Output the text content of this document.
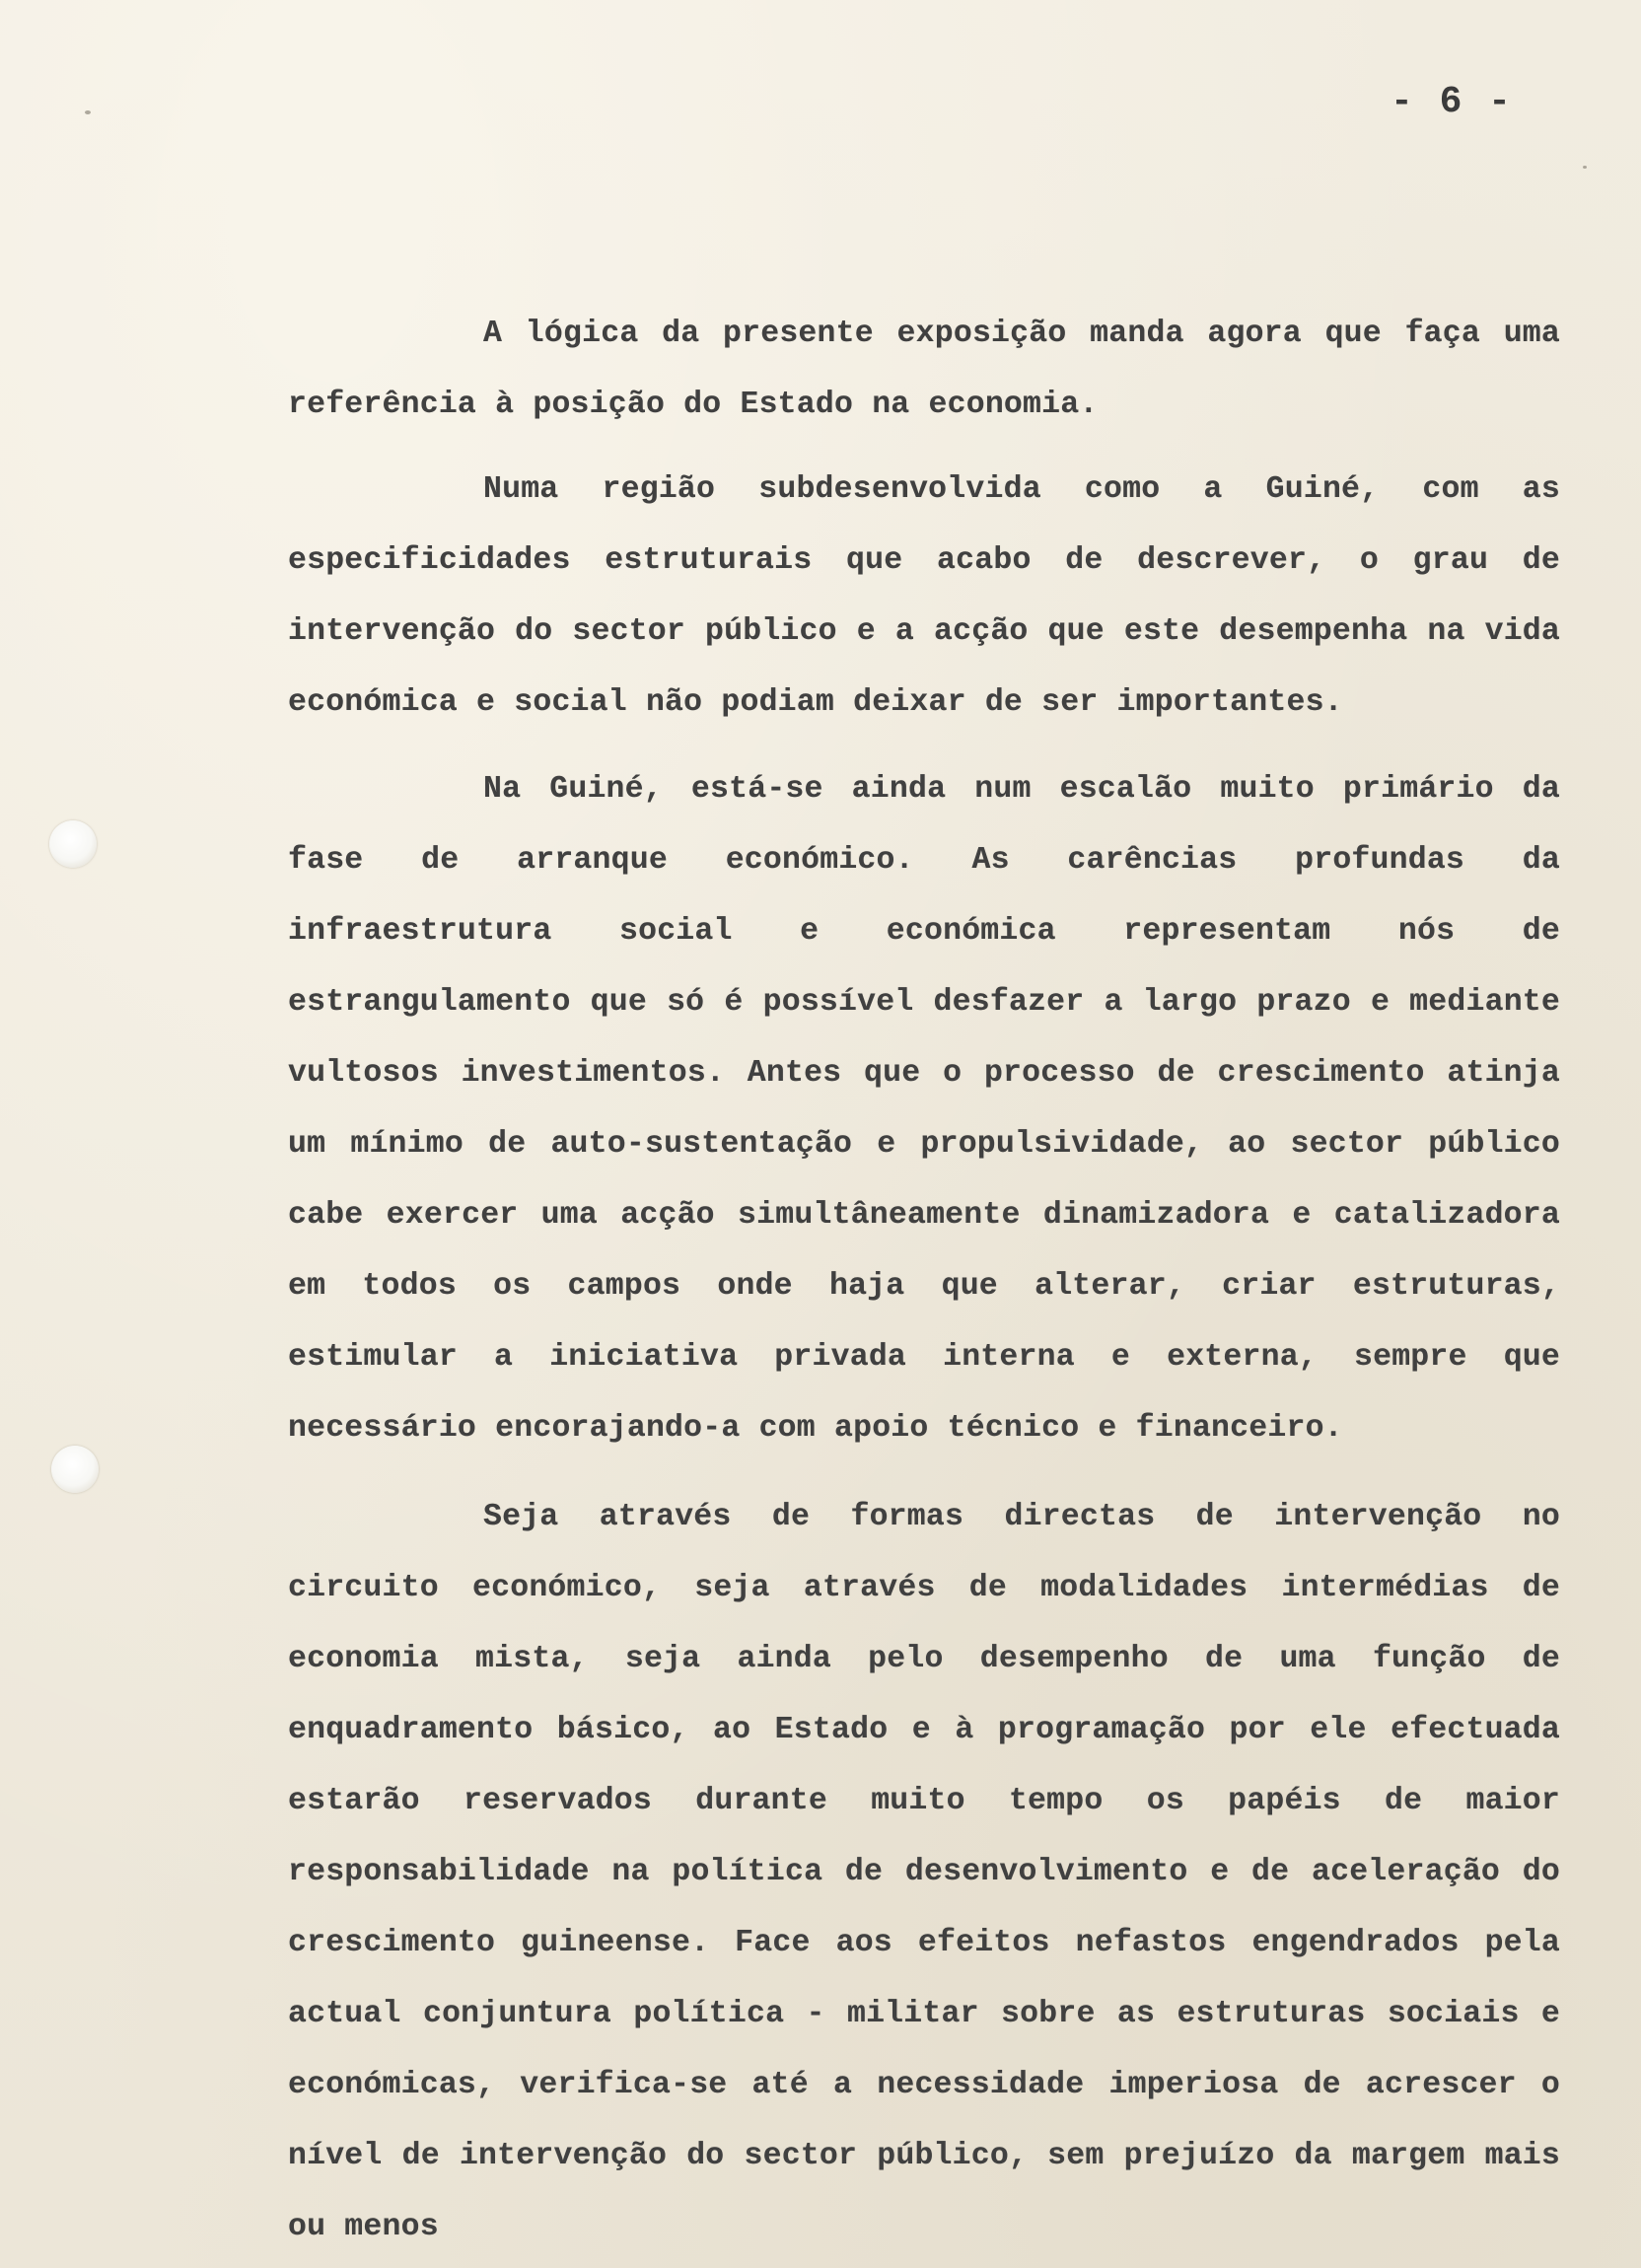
- 6 -

A lógica da presente exposição manda agora que faça uma referência à posição do Estado na economia.

Numa região subdesenvolvida como a Guiné, com as especificidades estruturais que acabo de descrever, o grau de intervenção do sector público e a acção que este desempenha na vida económica e social não podiam deixar de ser importantes.

Na Guiné, está-se ainda num escalão muito primário da fase de arranque económico. As carências profundas da infraestrutura social e económica representam nós de estrangulamento que só é possível desfazer a largo prazo e mediante vultosos investimentos. Antes que o processo de crescimento atinja um mínimo de auto-sustentação e propulsividade, ao sector público cabe exercer uma acção simultâneamente dinamizadora e catalizadora em todos os campos onde haja que alterar, criar estruturas, estimular a iniciativa privada interna e externa, sempre que necessário encorajando-a com apoio técnico e financeiro.

Seja através de formas directas de intervenção no circuito económico, seja através de modalidades intermédias de economia mista, seja ainda pelo desempenho de uma função de enquadramento básico, ao Estado e à programação por ele efectuada estarão reservados durante muito tempo os papéis de maior responsabilidade na política de desenvolvimento e de aceleração do crescimento guineense. Face aos efeitos nefastos engendrados pela actual conjuntura política - militar sobre as estruturas sociais e económicas, verifica-se até a necessidade imperiosa de acrescer o nível de intervenção do sector público, sem prejuízo da margem mais ou menos
